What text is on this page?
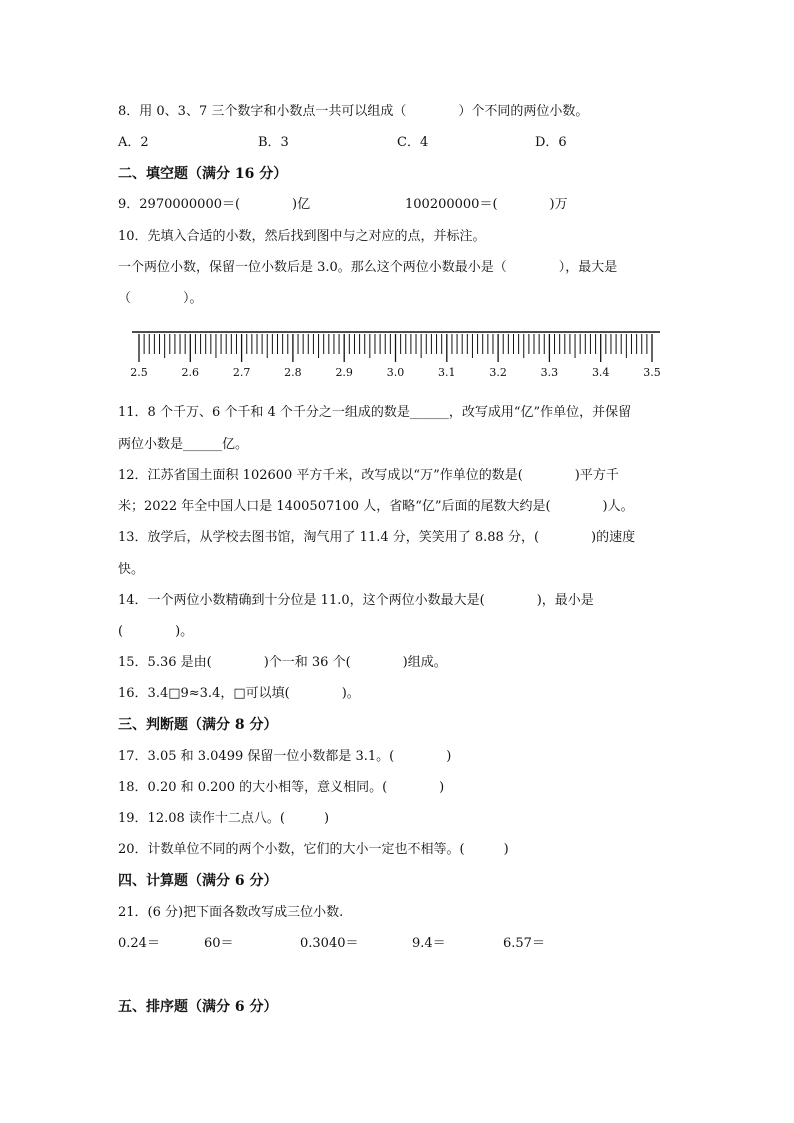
8．用 0、3、7 三个数字和小数点一共可以组成（　　　　）个不同的两位小数。
A．2	B．3	C．4	D．6
二、填空题（满分 16 分）
9．2970000000＝(　　　　)亿	100200000＝(　　　　)万
10．先填入合适的小数，然后找到图中与之对应的点，并标注。
一个两位小数，保留一位小数后是 3.0。那么这个两位小数最小是（　　　　），最大是
（　　　　）。
2.5	2.6	2.7	2.8	2.9	3.0	3.1	3.2	3.3	3.4	3.5
11．8 个千万、6 个千和 4 个千分之一组成的数是______，改写成用“亿”作单位，并保留
两位小数是______亿。
12．江苏省国土面积 102600 平方千米，改写成以“万”作单位的数是(　　　　)平方千
米；2022 年全中国人口是 1400507100 人，省略“亿”后面的尾数大约是(　　　　)人。
13．放学后，从学校去图书馆，淘气用了 11.4 分，笑笑用了 8.88 分，(　　　　)的速度
快。
14．一个两位小数精确到十分位是 11.0，这个两位小数最大是(　　　　)，最小是
(　　　　)。
15．5.36 是由(　　　　)个一和 36 个(　　　　)组成。
16．3.4□9≈3.4，□可以填(　　　　)。
三、判断题（满分 8 分）
17．3.05 和 3.0499 保留一位小数都是 3.1。(　　　　)
18．0.20 和 0.200 的大小相等，意义相同。(　　　　)
19．12.08 读作十二点八。(　　　)
20．计数单位不同的两个小数，它们的大小一定也不相等。(　　　)
四、计算题（满分 6 分）
21．(6 分)把下面各数改写成三位小数.
0.24＝	60＝	0.3040＝	9.4＝	6.57＝
五、排序题（满分 6 分）
